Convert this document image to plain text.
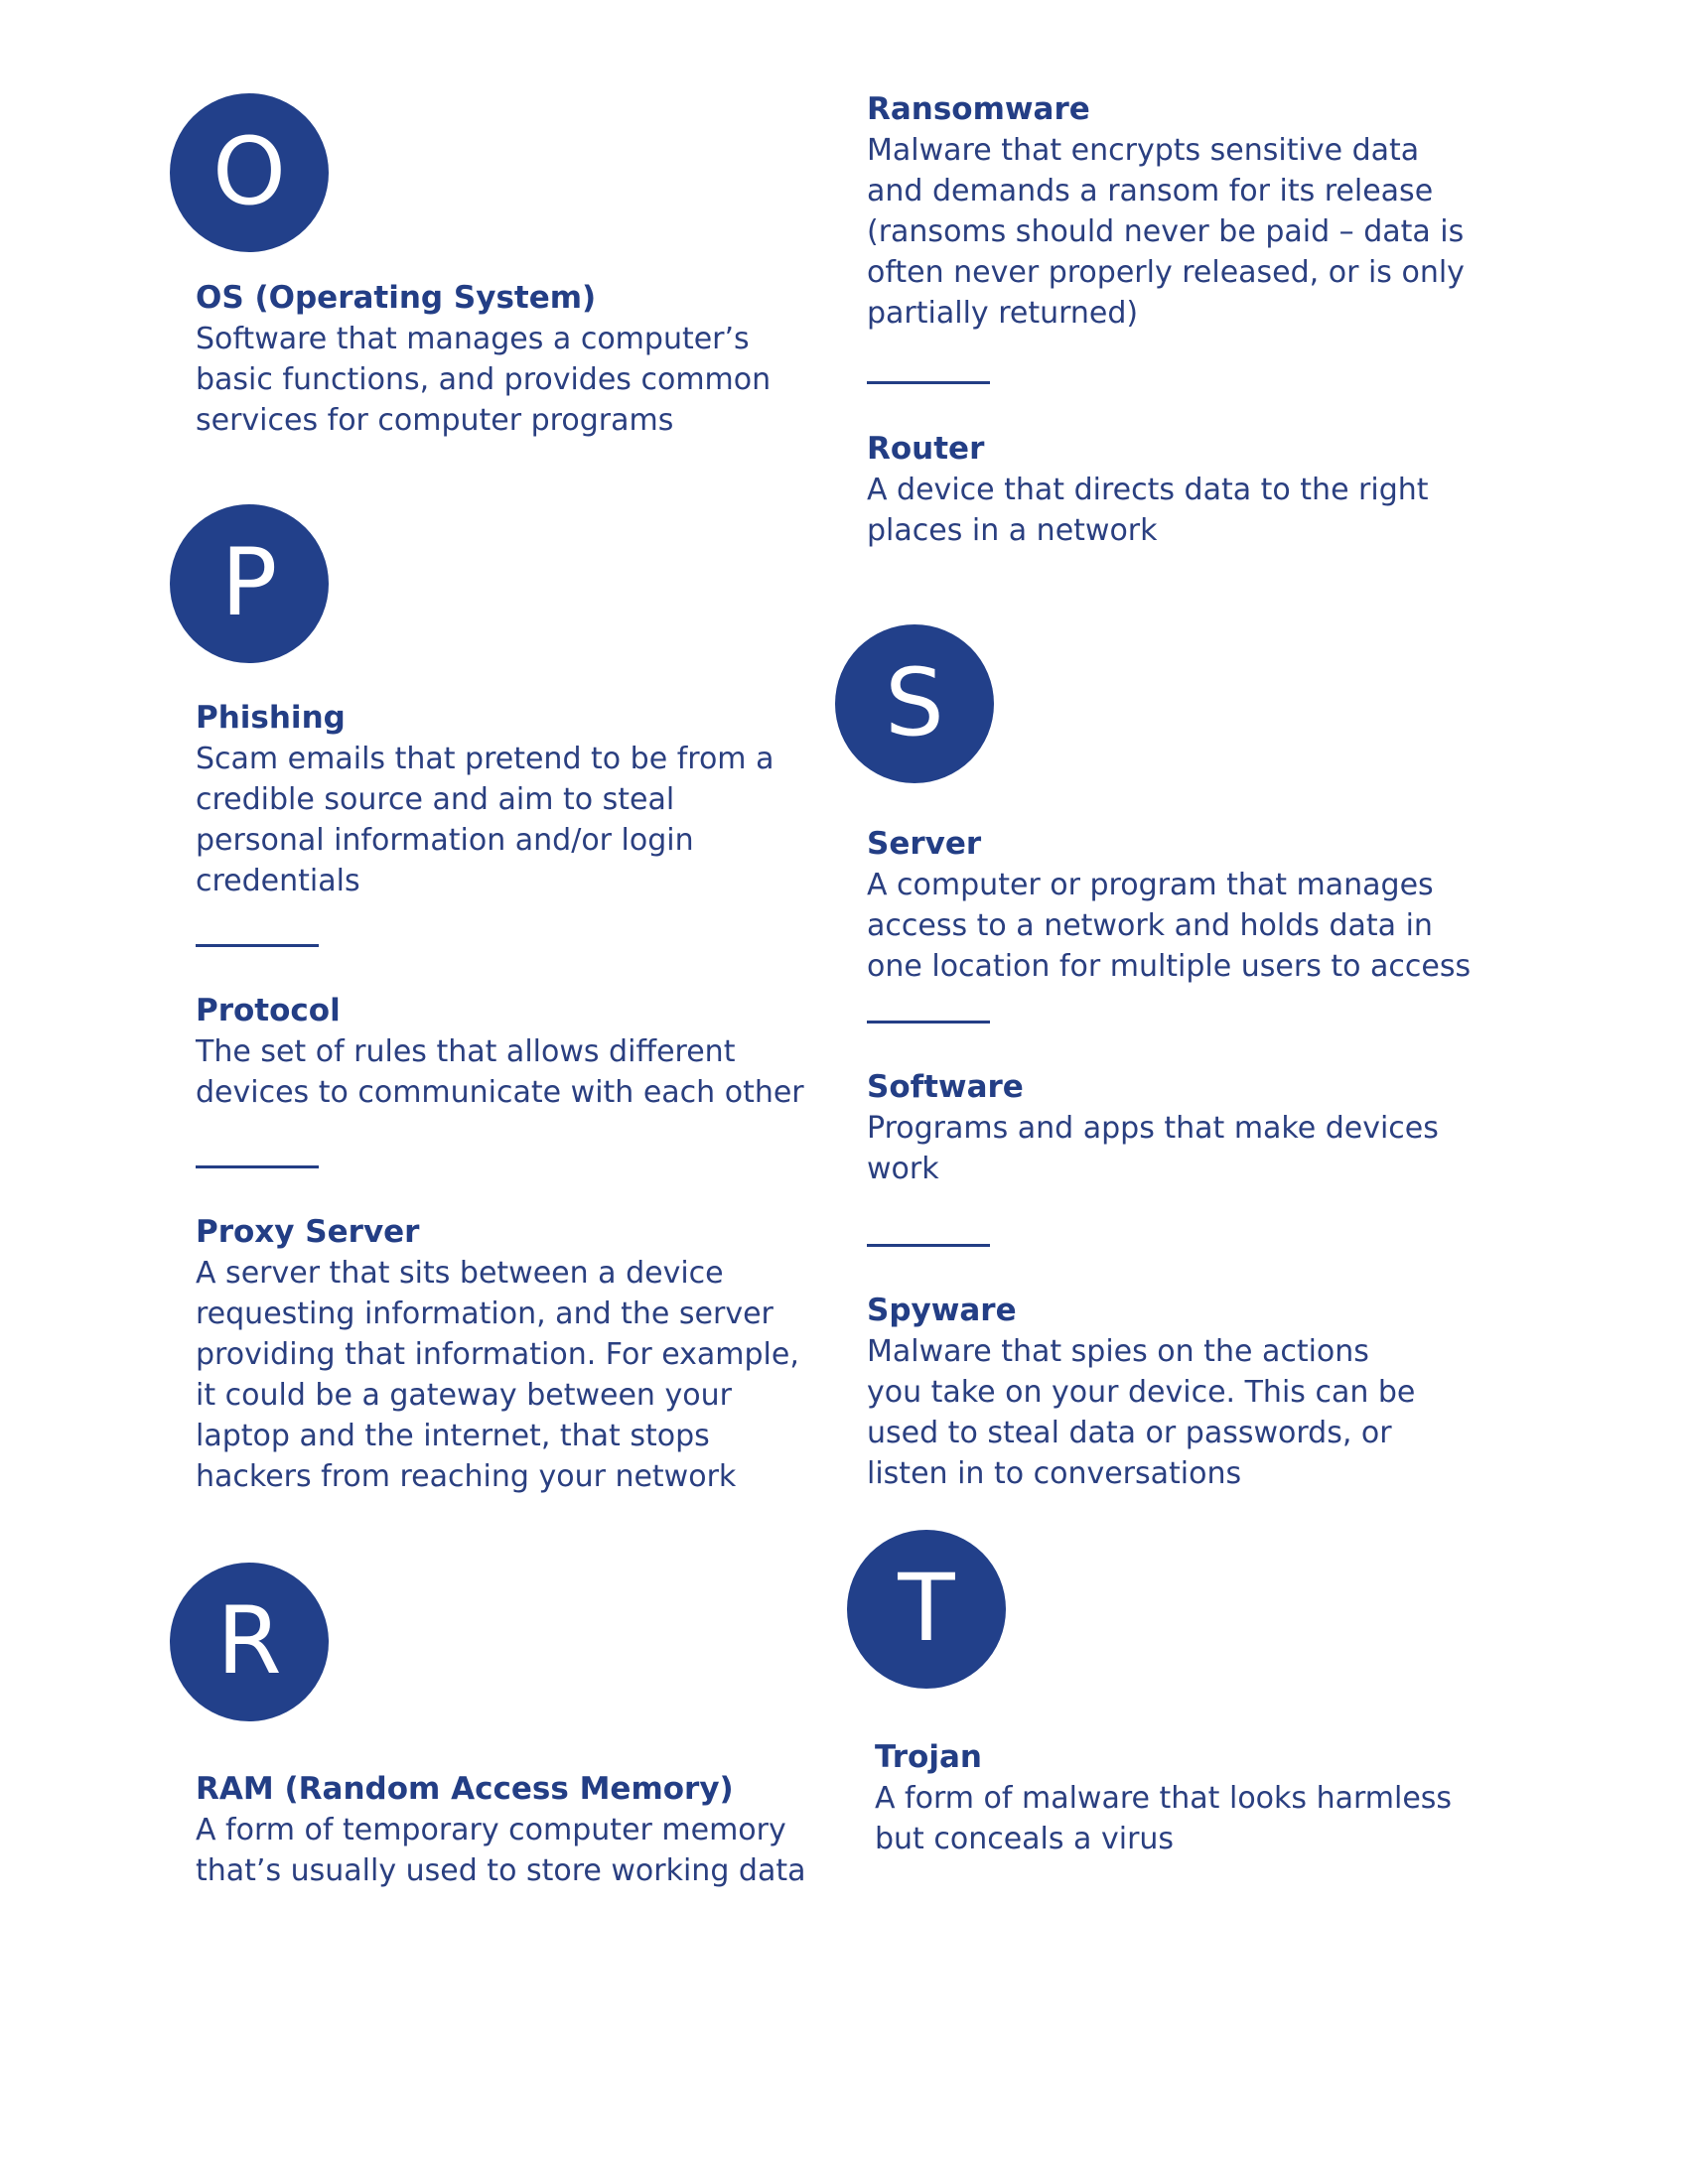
O
OS (Operating System)
Software that manages a computer’s
basic functions, and provides common
services for computer programs
P
Phishing
Scam emails that pretend to be from a
credible source and aim to steal
personal information and/or login
credentials
Protocol
The set of rules that allows different
devices to communicate with each other
Proxy Server
A server that sits between a device
requesting information, and the server
providing that information. For example,
it could be a gateway between your
laptop and the internet, that stops
hackers from reaching your network
R
RAM (Random Access Memory)
A form of temporary computer memory
that’s usually used to store working data
Ransomware
Malware that encrypts sensitive data
and demands a ransom for its release
(ransoms should never be paid – data is
often never properly released, or is only
partially returned)
Router
A device that directs data to the right
places in a network
S
Server
A computer or program that manages
access to a network and holds data in
one location for multiple users to access
Software
Programs and apps that make devices
work
Spyware
Malware that spies on the actions
you take on your device. This can be
used to steal data or passwords, or
listen in to conversations
T
Trojan
A form of malware that looks harmless
but conceals a virus
